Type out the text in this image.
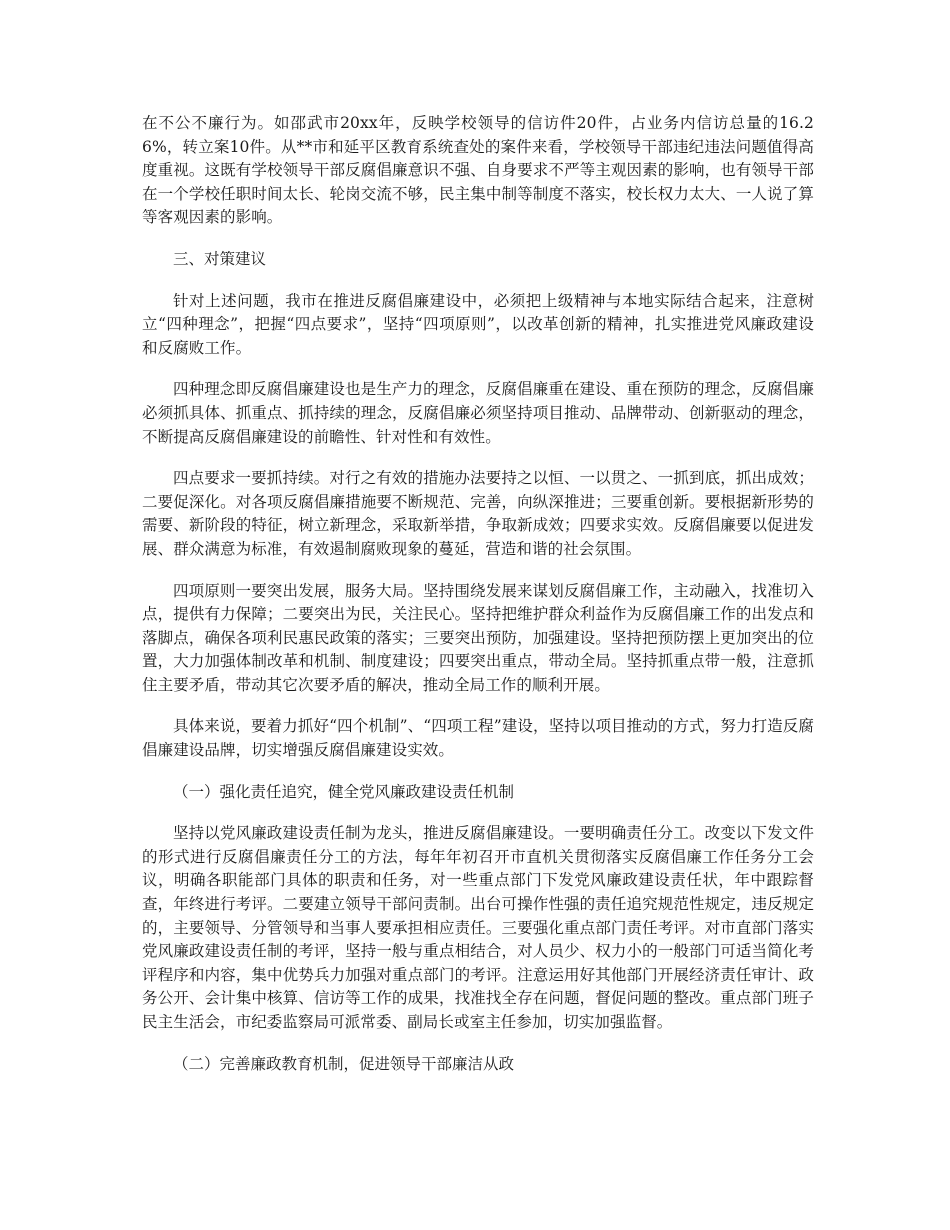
在不公不廉行为。如邵武市20xx年，反映学校领导的信访件20件，占业务内信访总量的16.26%，转立案10件。从**市和延平区教育系统查处的案件来看，学校领导干部违纪违法问题值得高度重视。这既有学校领导干部反腐倡廉意识不强、自身要求不严等主观因素的影响，也有领导干部在一个学校任职时间太长、轮岗交流不够，民主集中制等制度不落实，校长权力太大、一人说了算等客观因素的影响。

三、对策建议

针对上述问题，我市在推进反腐倡廉建设中，必须把上级精神与本地实际结合起来，注意树立“四种理念”，把握“四点要求”，坚持“四项原则”，以改革创新的精神，扎实推进党风廉政建设和反腐败工作。

四种理念即反腐倡廉建设也是生产力的理念，反腐倡廉重在建设、重在预防的理念，反腐倡廉必须抓具体、抓重点、抓持续的理念，反腐倡廉必须坚持项目推动、品牌带动、创新驱动的理念，不断提高反腐倡廉建设的前瞻性、针对性和有效性。

四点要求一要抓持续。对行之有效的措施办法要持之以恒、一以贯之、一抓到底，抓出成效；二要促深化。对各项反腐倡廉措施要不断规范、完善，向纵深推进；三要重创新。要根据新形势的需要、新阶段的特征，树立新理念，采取新举措，争取新成效；四要求实效。反腐倡廉要以促进发展、群众满意为标准，有效遏制腐败现象的蔓延，营造和谐的社会氛围。

四项原则一要突出发展，服务大局。坚持围绕发展来谋划反腐倡廉工作，主动融入，找准切入点，提供有力保障；二要突出为民，关注民心。坚持把维护群众利益作为反腐倡廉工作的出发点和落脚点，确保各项利民惠民政策的落实；三要突出预防，加强建设。坚持把预防摆上更加突出的位置，大力加强体制改革和机制、制度建设；四要突出重点，带动全局。坚持抓重点带一般，注意抓住主要矛盾，带动其它次要矛盾的解决，推动全局工作的顺利开展。

具体来说，要着力抓好“四个机制”、“四项工程”建设，坚持以项目推动的方式，努力打造反腐倡廉建设品牌，切实增强反腐倡廉建设实效。

（一）强化责任追究，健全党风廉政建设责任机制

坚持以党风廉政建设责任制为龙头，推进反腐倡廉建设。一要明确责任分工。改变以下发文件的形式进行反腐倡廉责任分工的方法，每年年初召开市直机关贯彻落实反腐倡廉工作任务分工会议，明确各职能部门具体的职责和任务，对一些重点部门下发党风廉政建设责任状，年中跟踪督查，年终进行考评。二要建立领导干部问责制。出台可操作性强的责任追究规范性规定，违反规定的，主要领导、分管领导和当事人要承担相应责任。三要强化重点部门责任考评。对市直部门落实党风廉政建设责任制的考评，坚持一般与重点相结合，对人员少、权力小的一般部门可适当简化考评程序和内容，集中优势兵力加强对重点部门的考评。注意运用好其他部门开展经济责任审计、政务公开、会计集中核算、信访等工作的成果，找准找全存在问题，督促问题的整改。重点部门班子民主生活会，市纪委监察局可派常委、副局长或室主任参加，切实加强监督。

（二）完善廉政教育机制，促进领导干部廉洁从政
